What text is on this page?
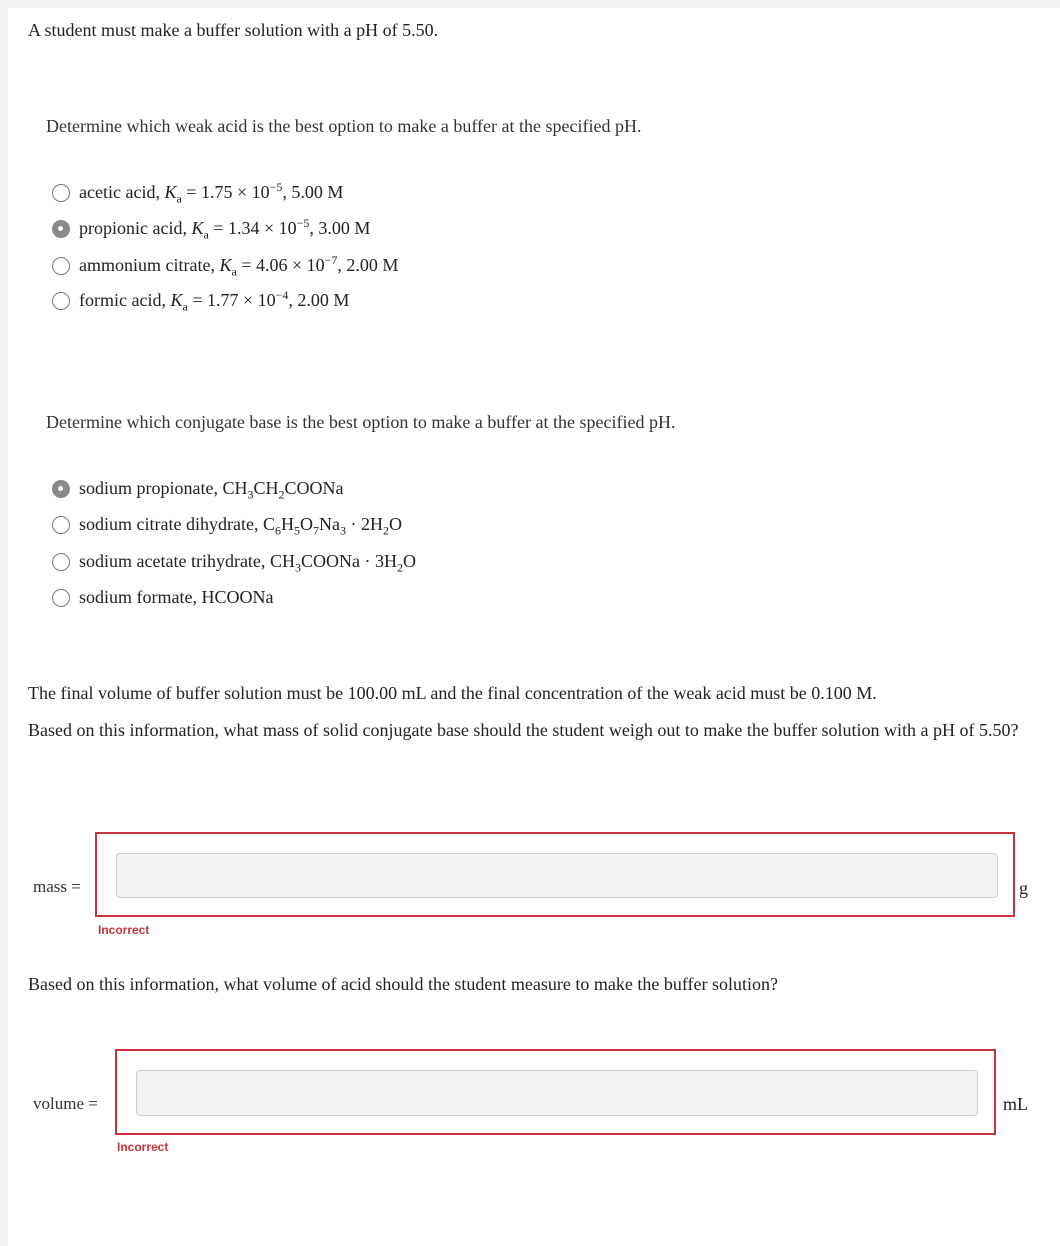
A student must make a buffer solution with a pH of 5.50.
Determine which weak acid is the best option to make a buffer at the specified pH.
acetic acid, $K_a = 1.75 \times 10^{-5}$, 5.00 M
propionic acid, $K_a = 1.34 \times 10^{-5}$, 3.00 M
ammonium citrate, $K_a = 4.06 \times 10^{-7}$, 2.00 M
formic acid, $K_a = 1.77 \times 10^{-4}$, 2.00 M
Determine which conjugate base is the best option to make a buffer at the specified pH.
sodium propionate, $CH_3CH_2COONa$
sodium citrate dihydrate, $C_6H_5O_7Na_3 \cdot 2H_2O$
sodium acetate trihydrate, $CH_3COONa \cdot 3H_2O$
sodium formate, HCOONa
The final volume of buffer solution must be 100.00 mL and the final concentration of the weak acid must be 0.100 M.
Based on this information, what mass of solid conjugate base should the student weigh out to make the buffer solution with a pH of 5.50?
mass =	g
Incorrect
Based on this information, what volume of acid should the student measure to make the buffer solution?
volume =	mL
Incorrect
